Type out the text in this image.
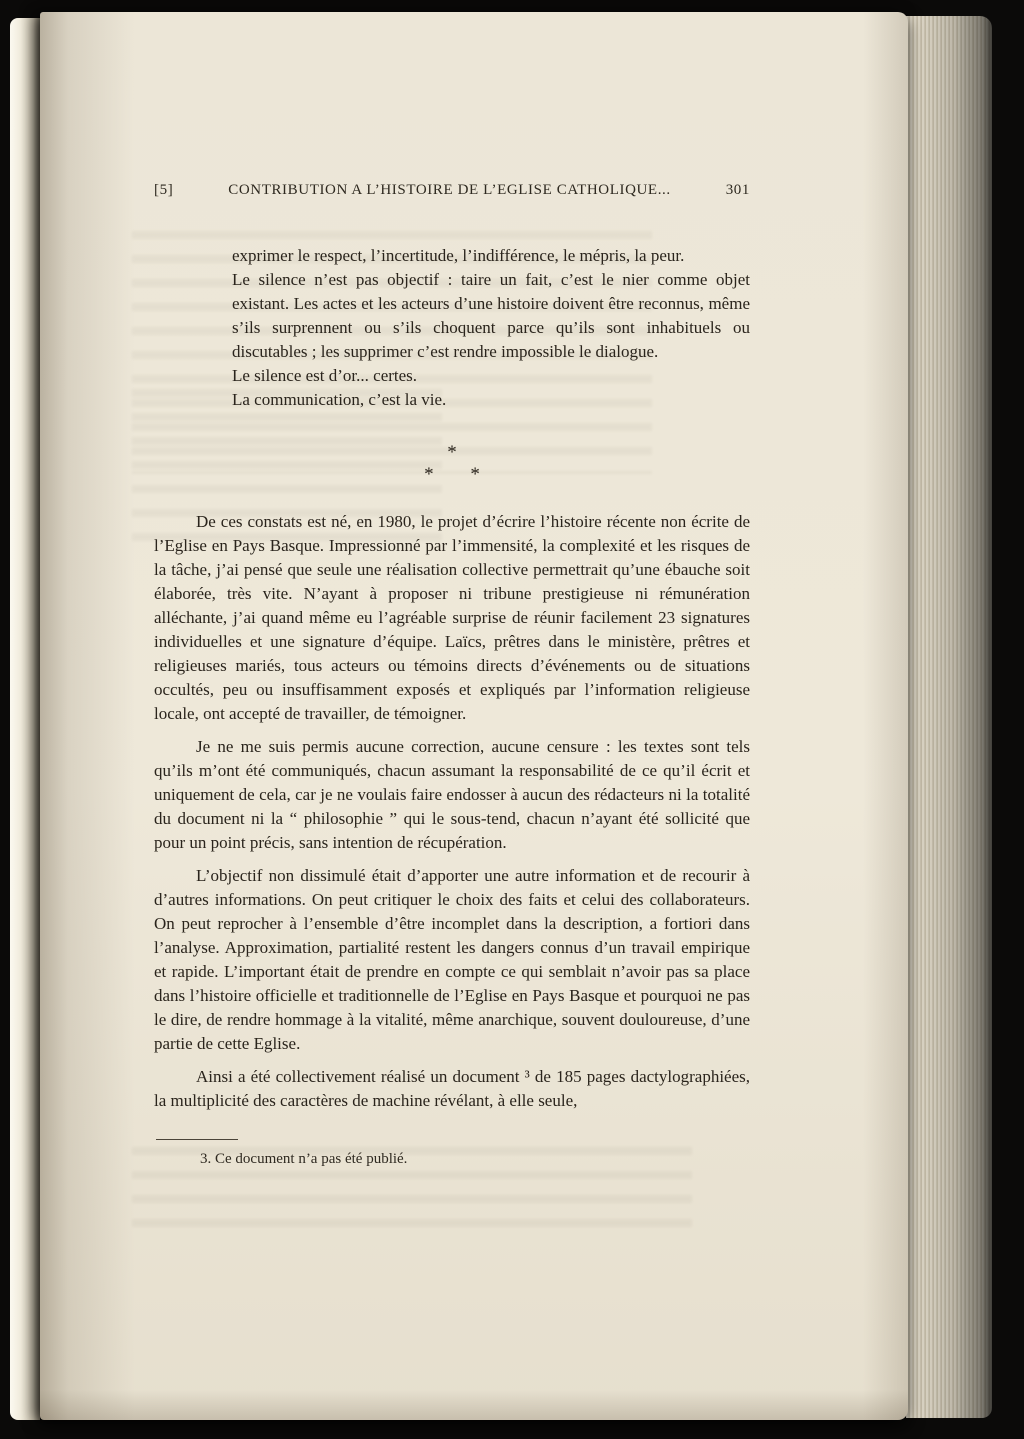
[5]	CONTRIBUTION A L’HISTOIRE DE L’EGLISE CATHOLIQUE...	301

exprimer le respect, l’incertitude, l’indifférence, le mépris, la peur.

Le silence n’est pas objectif : taire un fait, c’est le nier comme objet existant. Les actes et les acteurs d’une histoire doivent être reconnus, même s’ils surprennent ou s’ils choquent parce qu’ils sont inhabituels ou discutables ; les supprimer c’est rendre impossible le dialogue.

Le silence est d’or... certes.

La communication, c’est la vie.

*
* *

De ces constats est né, en 1980, le projet d’écrire l’histoire récente non écrite de l’Eglise en Pays Basque. Impressionné par l’immensité, la complexité et les risques de la tâche, j’ai pensé que seule une réalisation collective permettrait qu’une ébauche soit élaborée, très vite. N’ayant à proposer ni tribune prestigieuse ni rémunération alléchante, j’ai quand même eu l’agréable surprise de réunir facilement 23 signatures individuelles et une signature d’équipe. Laïcs, prêtres dans le ministère, prêtres et religieuses mariés, tous acteurs ou témoins directs d’événements ou de situations occultés, peu ou insuffisamment exposés et expliqués par l’information religieuse locale, ont accepté de travailler, de témoigner.

Je ne me suis permis aucune correction, aucune censure : les textes sont tels qu’ils m’ont été communiqués, chacun assumant la responsabilité de ce qu’il écrit et uniquement de cela, car je ne voulais faire endosser à aucun des rédacteurs ni la totalité du document ni la “ philosophie ” qui le sous-tend, chacun n’ayant été sollicité que pour un point précis, sans intention de récupération.

L’objectif non dissimulé était d’apporter une autre information et de recourir à d’autres informations. On peut critiquer le choix des faits et celui des collaborateurs. On peut reprocher à l’ensemble d’être incomplet dans la description, a fortiori dans l’analyse. Approximation, partialité restent les dangers connus d’un travail empirique et rapide. L’important était de prendre en compte ce qui semblait n’avoir pas sa place dans l’histoire officielle et traditionnelle de l’Eglise en Pays Basque et pourquoi ne pas le dire, de rendre hommage à la vitalité, même anarchique, souvent douloureuse, d’une partie de cette Eglise.

Ainsi a été collectivement réalisé un document ³ de 185 pages dactylographiées, la multiplicité des caractères de machine révélant, à elle seule,

3. Ce document n’a pas été publié.
